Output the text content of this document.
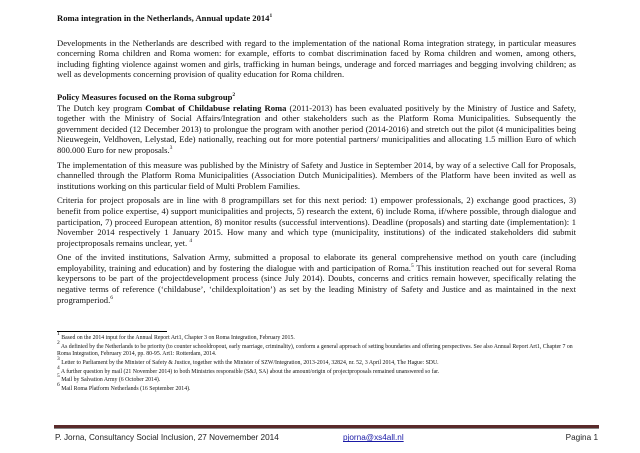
Roma integration in the Netherlands, Annual update 2014$^1$
Developments in the Netherlands are described with regard to the implementation of the national Roma integration strategy, in particular measures concerning Roma children and Roma women: for example, efforts to combat discrimination faced by Roma children and women, among others, including fighting violence against women and girls, trafficking in human beings, underage and forced marriages and begging involving children; as well as developments concerning provision of quality education for Roma children.
Policy Measures focused on the Roma subgroup$^2$
The Dutch key program Combat of Childabuse relating Roma (2011-2013) has been evaluated positively by the Ministry of Justice and Safety, together with the Ministry of Social Affairs/Integration and other stakeholders such as the Platform Roma Municipalities. Subsequently the government decided (12 December 2013) to prolongue the program with another period (2014-2016) and stretch out the pilot (4 municipalities being Nieuwegein, Veldhoven, Lelystad, Ede) nationally, reaching out for more potential partners/ municipalities and allocating 1.5 million Euro of which 800.000 Euro for new proposals.$^3$
The implementation of this measure was published by the Ministry of Safety and Justice in September 2014, by way of a selective Call for Proposals, channelled through the Platform Roma Municipalities (Association Dutch Municipalities). Members of the Platform have been invited as well as institutions working on this particular field of Multi Problem Families.
Criteria for project proposals are in line with 8 programpillars set for this next period: 1) empower professionals, 2) exchange good practices, 3) benefit from police expertise, 4) support municipalities and projects, 5) research the extent, 6) include Roma, if/where possible, through dialogue and participation, 7) proceed European attention, 8) monitor results (successful interventions). Deadline (proposals) and starting date (implementation): 1 November 2014 respectively 1 January 2015. How many and which type (municipality, institutions) of the indicated stakeholders did submit projectproposals remains unclear, yet. $^4$
One of the invited institutions, Salvation Army, submitted a proposal to elaborate its general comprehensive method on youth care (including employability, training and education) and by fostering the dialogue with and participation of Roma.$^5$ This institution reached out for several Roma keypersons to be part of the projectdevelopment process (since July 2014). Doubts, concerns and critics remain however, specifically relating the negative terms of reference (‘childabuse’, ‘childexploitation’) as set by the leading Ministry of Safety and Justice and as maintained in the next programperiod.$^6$
$^1$ Based on the 2014 input for the Annual Report Art1, Chapter 3 on Roma Integration, February 2015.
$^2$ As definied by the Netherlands to be priority (to counter schooldropout, early marriage, criminality), conform a general approach of setting boundaries and offering perspectives. See also Annual Report Art1, Chapter 7 on Roma Integration, February 2014, pp. 80-95. Art1: Rotterdam, 2014.
$^3$ Letter to Parliament by the Minister of Safety & Justice, together with the Minister of SZW/Integration, 2013-2014, 32824, nr. 52, 3 April 2014, The Hague: SDU.
$^4$ A further question by mail (21 November 2014) to both Ministries responsible (S&J, SA) about the amount/origin of projectproposals remained unanswered so far.
$^5$ Mail by Salvation Army (6 October 2014).
$^6$ Mail Roma Platform Netherlands (16 September 2014).
P. Jorna, Consultancy Social Inclusion, 27 Novemember 2014	pjorna@xs4all.nl	Pagina 1
